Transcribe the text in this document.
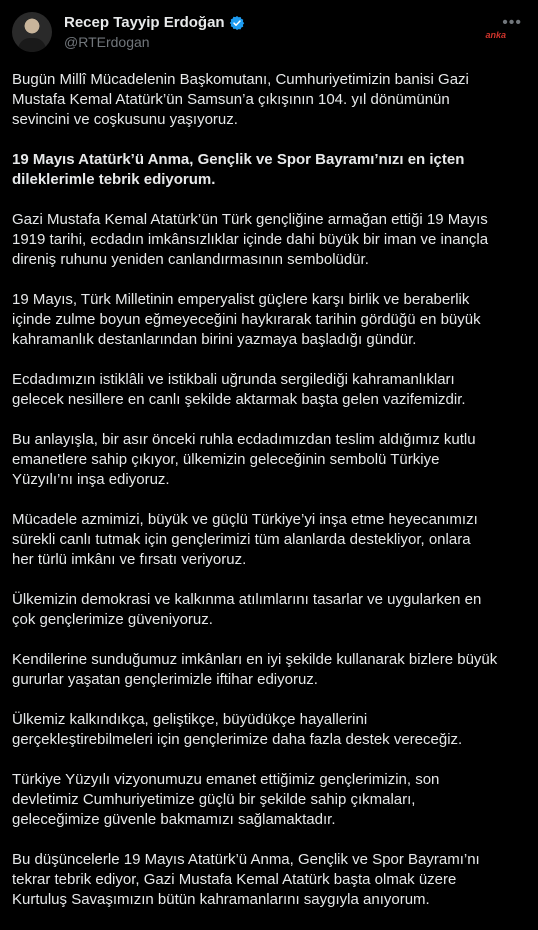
Recep Tayyip Erdoğan
@RTErdogan	anka
•••

Bugün Millî Mücadelenin Başkomutanı, Cumhuriyetimizin banisi Gazi
Mustafa Kemal Atatürk’ün Samsun’a çıkışının 104. yıl dönümünün
sevincini ve coşkusunu yaşıyoruz.

19 Mayıs Atatürk’ü Anma, Gençlik ve Spor Bayramı’nızı en içten
dileklerimle tebrik ediyorum.

Gazi Mustafa Kemal Atatürk’ün Türk gençliğine armağan ettiği 19 Mayıs
1919 tarihi, ecdadın imkânsızlıklar içinde dahi büyük bir iman ve inançla
direniş ruhunu yeniden canlandırmasının sembolüdür.

19 Mayıs, Türk Milletinin emperyalist güçlere karşı birlik ve beraberlik
içinde zulme boyun eğmeyeceğini haykırarak tarihin gördüğü en büyük
kahramanlık destanlarından birini yazmaya başladığı gündür.

Ecdadımızın istiklâli ve istikbali uğrunda sergilediği kahramanlıkları
gelecek nesillere en canlı şekilde aktarmak başta gelen vazifemizdir.

Bu anlayışla, bir asır önceki ruhla ecdadımızdan teslim aldığımız kutlu
emanetlere sahip çıkıyor, ülkemizin geleceğinin sembolü Türkiye
Yüzyılı’nı inşa ediyoruz.

Mücadele azmimizi, büyük ve güçlü Türkiye’yi inşa etme heyecanımızı
sürekli canlı tutmak için gençlerimizi tüm alanlarda destekliyor, onlara
her türlü imkânı ve fırsatı veriyoruz.

Ülkemizin demokrasi ve kalkınma atılımlarını tasarlar ve uygularken en
çok gençlerimize güveniyoruz.

Kendilerine sunduğumuz imkânları en iyi şekilde kullanarak bizlere büyük
gururlar yaşatan gençlerimizle iftihar ediyoruz.

Ülkemiz kalkındıkça, geliştikçe, büyüdükçe hayallerini
gerçekleştirebilmeleri için gençlerimize daha fazla destek vereceğiz.

Türkiye Yüzyılı vizyonumuzu emanet ettiğimiz gençlerimizin, son
devletimiz Cumhuriyetimize güçlü bir şekilde sahip çıkmaları,
geleceğimize güvenle bakmamızı sağlamaktadır.

Bu düşüncelerle 19 Mayıs Atatürk’ü Anma, Gençlik ve Spor Bayramı’nı
tekrar tebrik ediyor, Gazi Mustafa Kemal Atatürk başta olmak üzere
Kurtuluş Savaşımızın bütün kahramanlarını saygıyla anıyorum.
